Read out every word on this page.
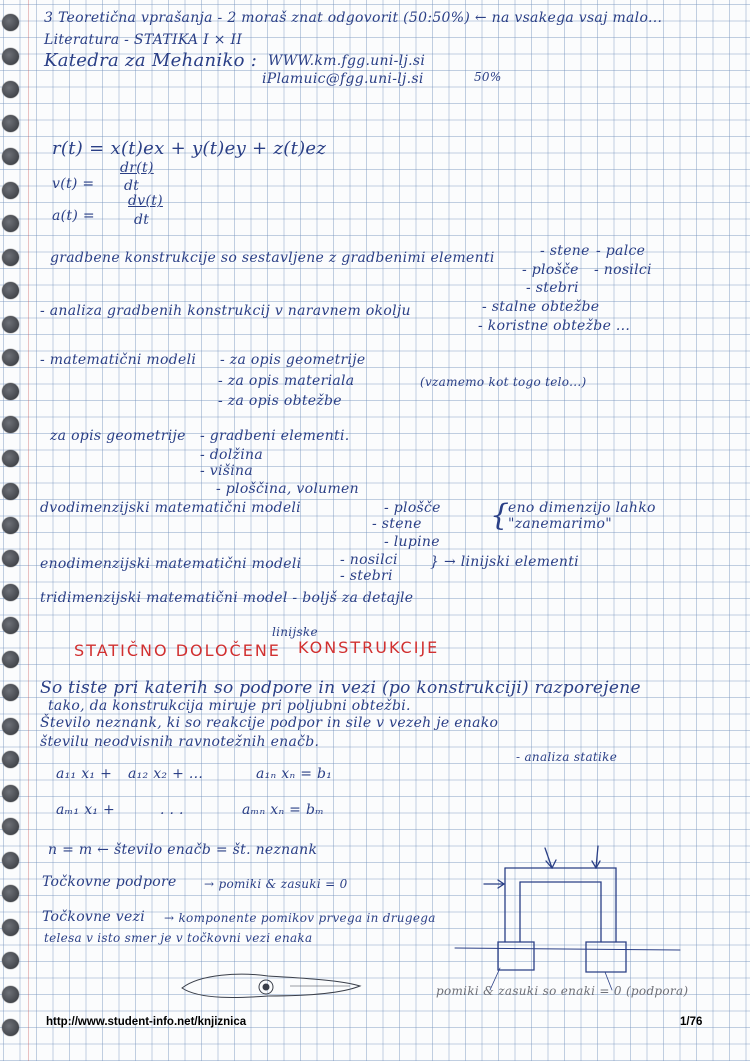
3 Teoretična vprašanja - 2 moraš znat odgovorit (50:50%) ← na vsakega vsaj malo...
Literatura - STATIKA I × II
Katedra za Mehaniko : WWW.km.fgg.uni-lj.si
iPlamuic@fgg.uni-lj.si	50%
r(t) = x(t)ex + y(t)ey + z(t)ez
v(t) =
dr(t)
dt
a(t) =
dv(t)
dt
gradbene konstrukcije so sestavljene z gradbenimi elementi	- stene - palce
- plošče - nosilci
- stebri
- analiza gradbenih konstrukcij v naravnem okolju	- stalne obtežbe
- koristne obtežbe ...
- matematični modeli - za opis geometrije
- za opis materiala	(vzamemo kot togo telo...)
- za opis obtežbe
za opis geometrije - gradbeni elementi.
- dolžina
- višina
- ploščina, volumen
dvodimenzijski matematični modeli	- plošče
- stene
- lupine
{
eno dimenzijo lahko
"zanemarimo"
enodimenzijski matematični modeli	- nosilci
- stebri
} → linijski elementi
tridimenzijski matematični model - boljš za detajle
STATIČNO DOLOČENE
linijske
KONSTRUKCIJE
So tiste pri katerih so podpore in vezi (po konstrukciji) razporejene
tako, da konstrukcija miruje pri poljubni obtežbi.
Število neznank, ki so reakcije podpor in sile v vezeh je enako
številu neodvisnih ravnotežnih enačb.
- analiza statike
a₁₁ x₁ + a₁₂ x₂ + ...	a₁ₙ xₙ = b₁
aₘ₁ x₁ +	. . .	aₘₙ xₙ = bₘ
n = m ← število enačb = št. neznank
Točkovne podpore → pomiki & zasuki = 0
Točkovne vezi → komponente pomikov prvega in drugega
telesa v isto smer je v točkovni vezi enaka
pomiki & zasuki so enaki = 0 (podpora)
http://www.student-info.net/knjiznica	1/76
